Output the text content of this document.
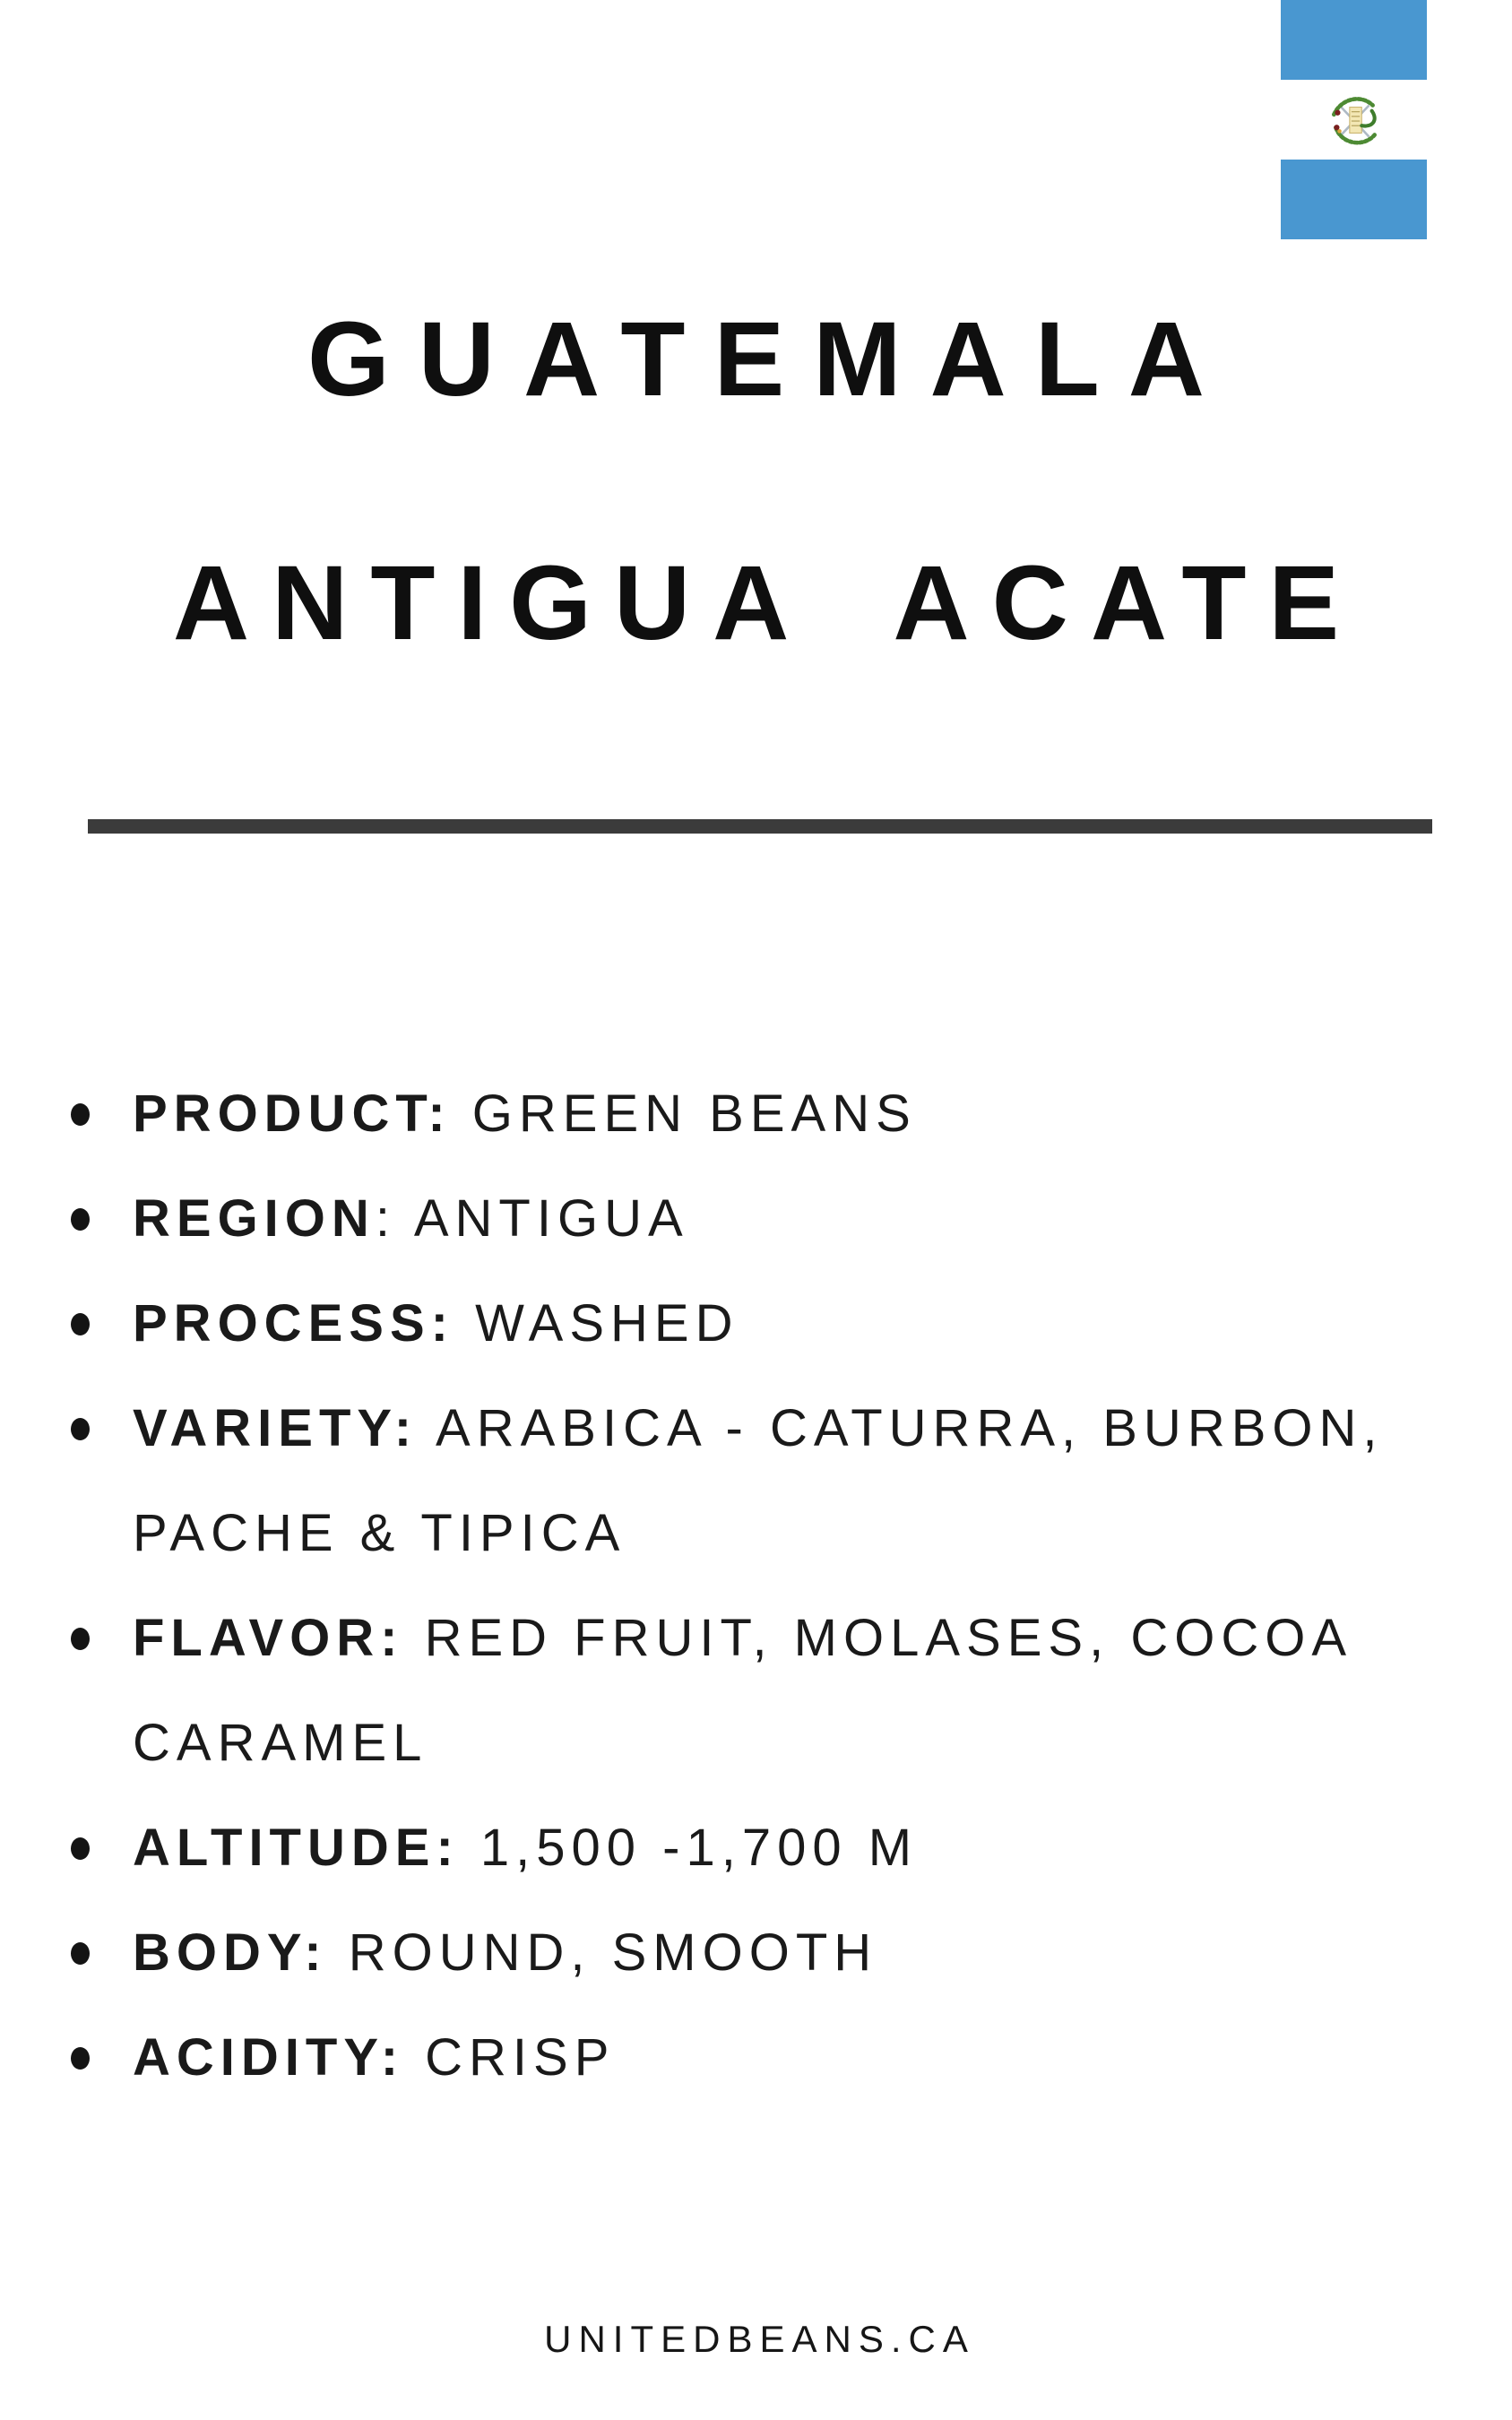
GUATEMALA
ANTIGUA ACATE
PRODUCT: GREEN BEANS
REGION: ANTIGUA
PROCESS: WASHED
VARIETY: ARABICA - CATURRA, BURBON,
PACHE & TIPICA
FLAVOR: RED FRUIT, MOLASES, COCOA
CARAMEL
ALTITUDE: 1,500 -1,700 M
BODY: ROUND, SMOOTH
ACIDITY: CRISP
UNITEDBEANS.CA
